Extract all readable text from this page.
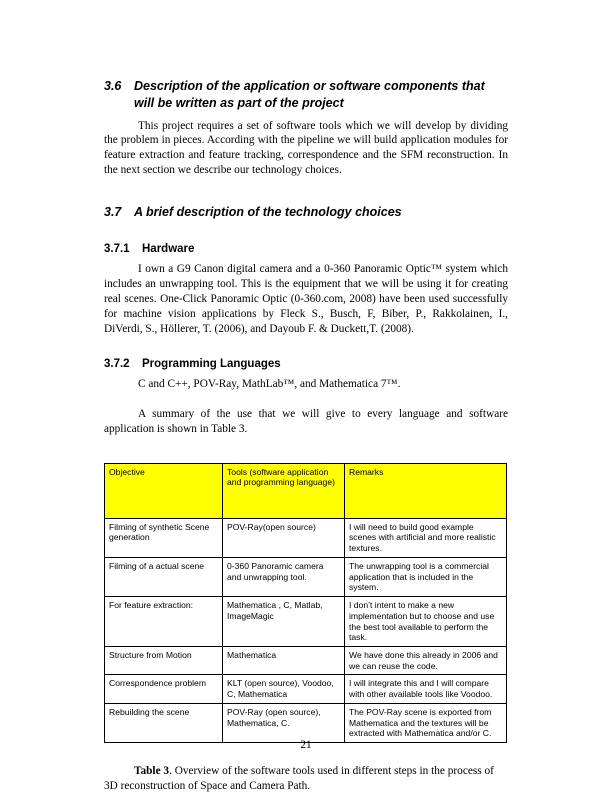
3.6 Description of the application or software components that
will be written as part of the project

This project requires a set of software tools which we will develop by dividing the problem in pieces. According with the pipeline we will build application modules for feature extraction and feature tracking, correspondence and the SFM reconstruction. In the next section we describe our technology choices.

3.7 A brief description of the technology choices
3.7.1 Hardware

I own a G9 Canon digital camera and a 0-360 Panoramic Optic™ system which includes an unwrapping tool. This is the equipment that we will be using it for creating real scenes. One-Click Panoramic Optic (0-360.com, 2008) have been used successfully for machine vision applications by Fleck S., Busch, F, Biber, P., Rakkolainen, I., DiVerdi, S., Höllerer, T. (2006), and Dayoub F. & Duckett,T. (2008).

3.7.2 Programming Languages

C and C++, POV-Ray, MathLab™, and Mathematica 7™.

A summary of the use that we will give to every language and software application is shown in Table 3.

Objective	Tools (software application and programming language)	Remarks
Filming of synthetic Scene generation	POV-Ray(open source)	I will need to build good example scenes with artificial and more realistic textures.
Filming of a actual scene	0-360 Panoramic camera and unwrapping tool.	The unwrapping tool is a commercial application that is included in the system.
For feature extraction:	Mathematica , C, Matlab, ImageMagic	I don’t intent to make a new implementation but to choose and use the best tool available to perform the task.
Structure from Motion	Mathematica	We have done this already in 2006 and we can reuse the code.
Correspondence problem	KLT (open source), Voodoo, C, Mathematica	I will integrate this and I will compare with other available tools like Voodoo.
Rebuilding the scene	POV-Ray (open source), Mathematica, C.	The POV-Ray scene is exported from Mathematica and the textures will be extracted with Mathematica and/or C.

Table 3. Overview of the software tools used in different steps in the process of 3D reconstruction of Space and Camera Path.

21
